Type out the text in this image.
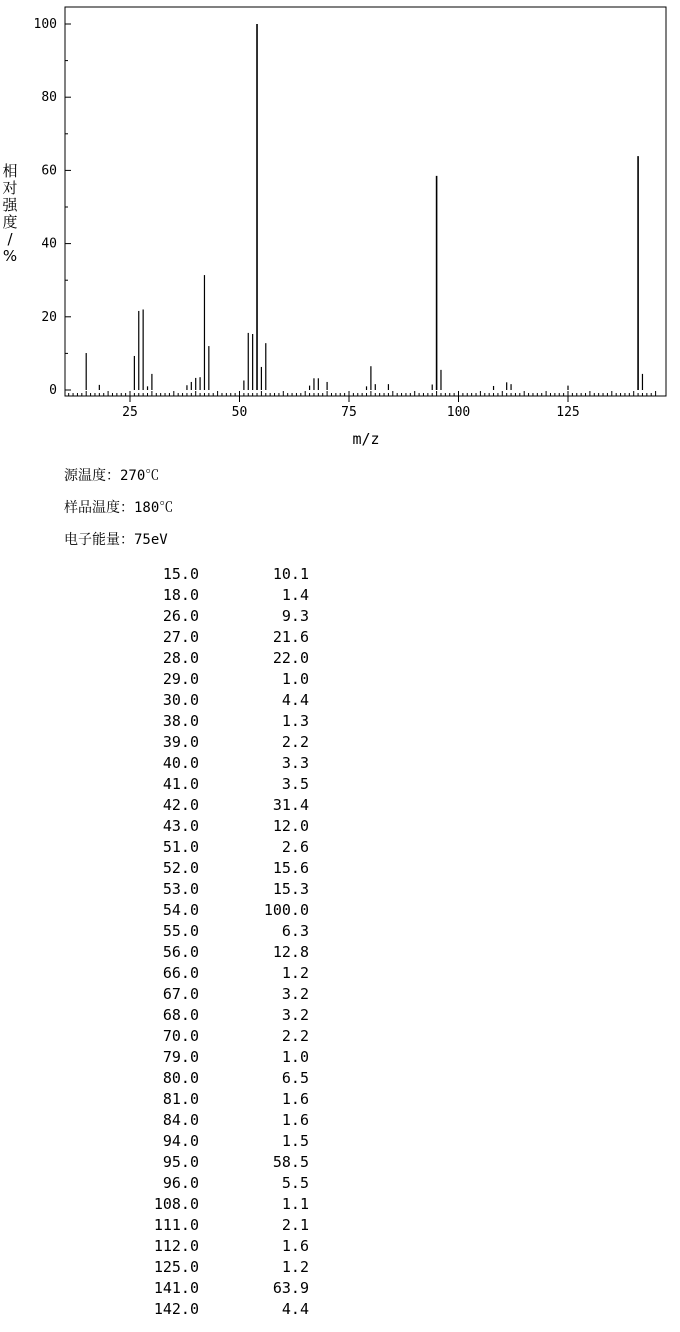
0
20
40
60
80
100
25	50	75	100	125
m/z
相
对
强
度
/
%
源温度：270℃
样品温度：180℃
电子能量：75eV
15.0	10.1
18.0	1.4
26.0	9.3
27.0	21.6
28.0	22.0
29.0	1.0
30.0	4.4
38.0	1.3
39.0	2.2
40.0	3.3
41.0	3.5
42.0	31.4
43.0	12.0
51.0	2.6
52.0	15.6
53.0	15.3
54.0	100.0
55.0	6.3
56.0	12.8
66.0	1.2
67.0	3.2
68.0	3.2
70.0	2.2
79.0	1.0
80.0	6.5
81.0	1.6
84.0	1.6
94.0	1.5
95.0	58.5
96.0	5.5
108.0	1.1
111.0	2.1
112.0	1.6
125.0	1.2
141.0	63.9
142.0	4.4
